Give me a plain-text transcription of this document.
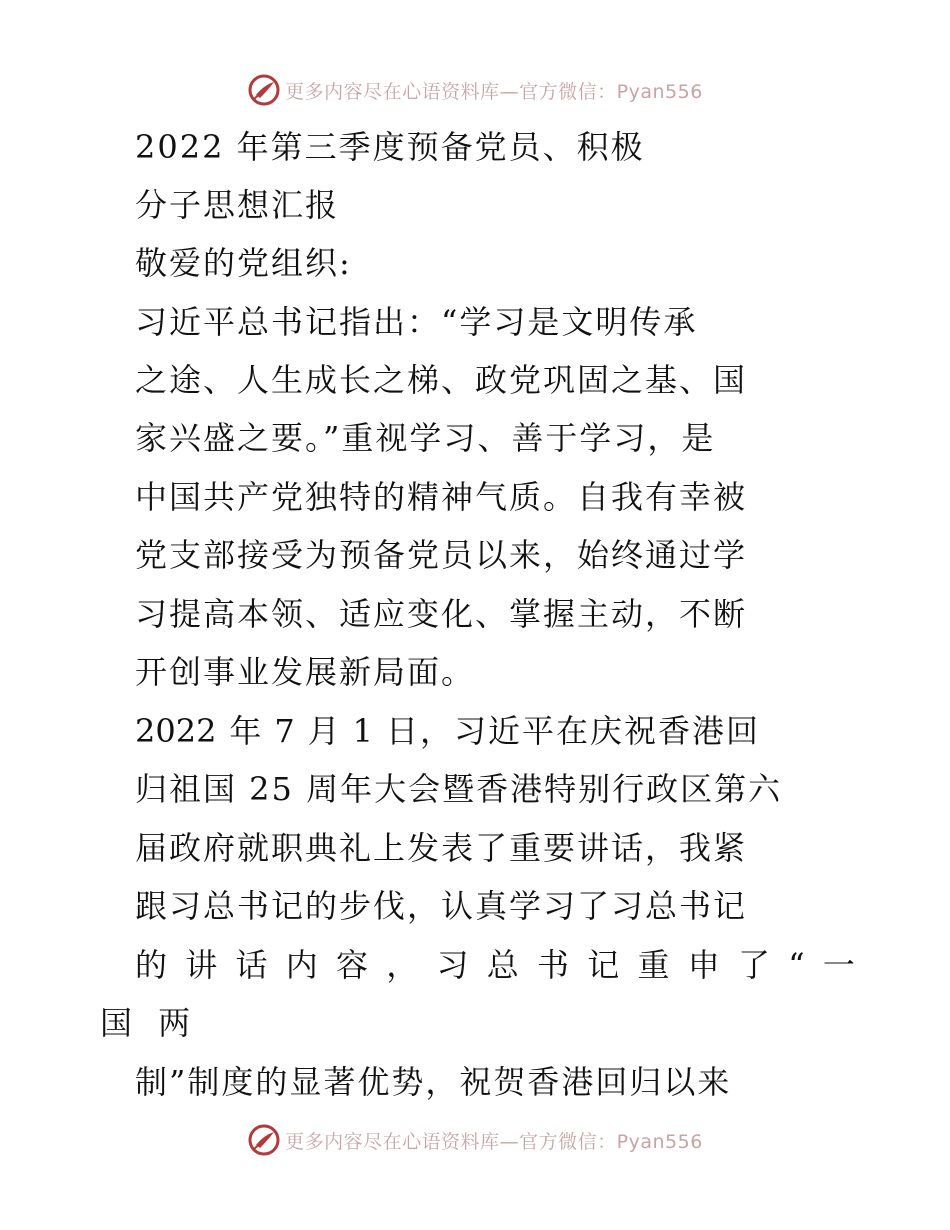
更多内容尽在心语资料库—官方微信：Pyan556
2022 年第三季度预备党员、积极
分子思想汇报
敬爱的党组织:
习近平总书记指出：“学习是文明传承
之途、人生成长之梯、政党巩固之基、国
家兴盛之要。”重视学习、善于学习，是
中国共产党独特的精神气质。自我有幸被
党支部接受为预备党员以来，始终通过学
习提高本领、适应变化、掌握主动，不断
开创事业发展新局面。
2022 年 7 月 1 日，习近平在庆祝香港回
归祖国 25 周年大会暨香港特别行政区第六
届政府就职典礼上发表了重要讲话，我紧
跟习总书记的步伐，认真学习了习总书记
的 讲 话 内 容 ， 习 总 书 记 重 申 了 “ 一
国 两
制”制度的显著优势，祝贺香港回归以来
更多内容尽在心语资料库—官方微信：Pyan556
